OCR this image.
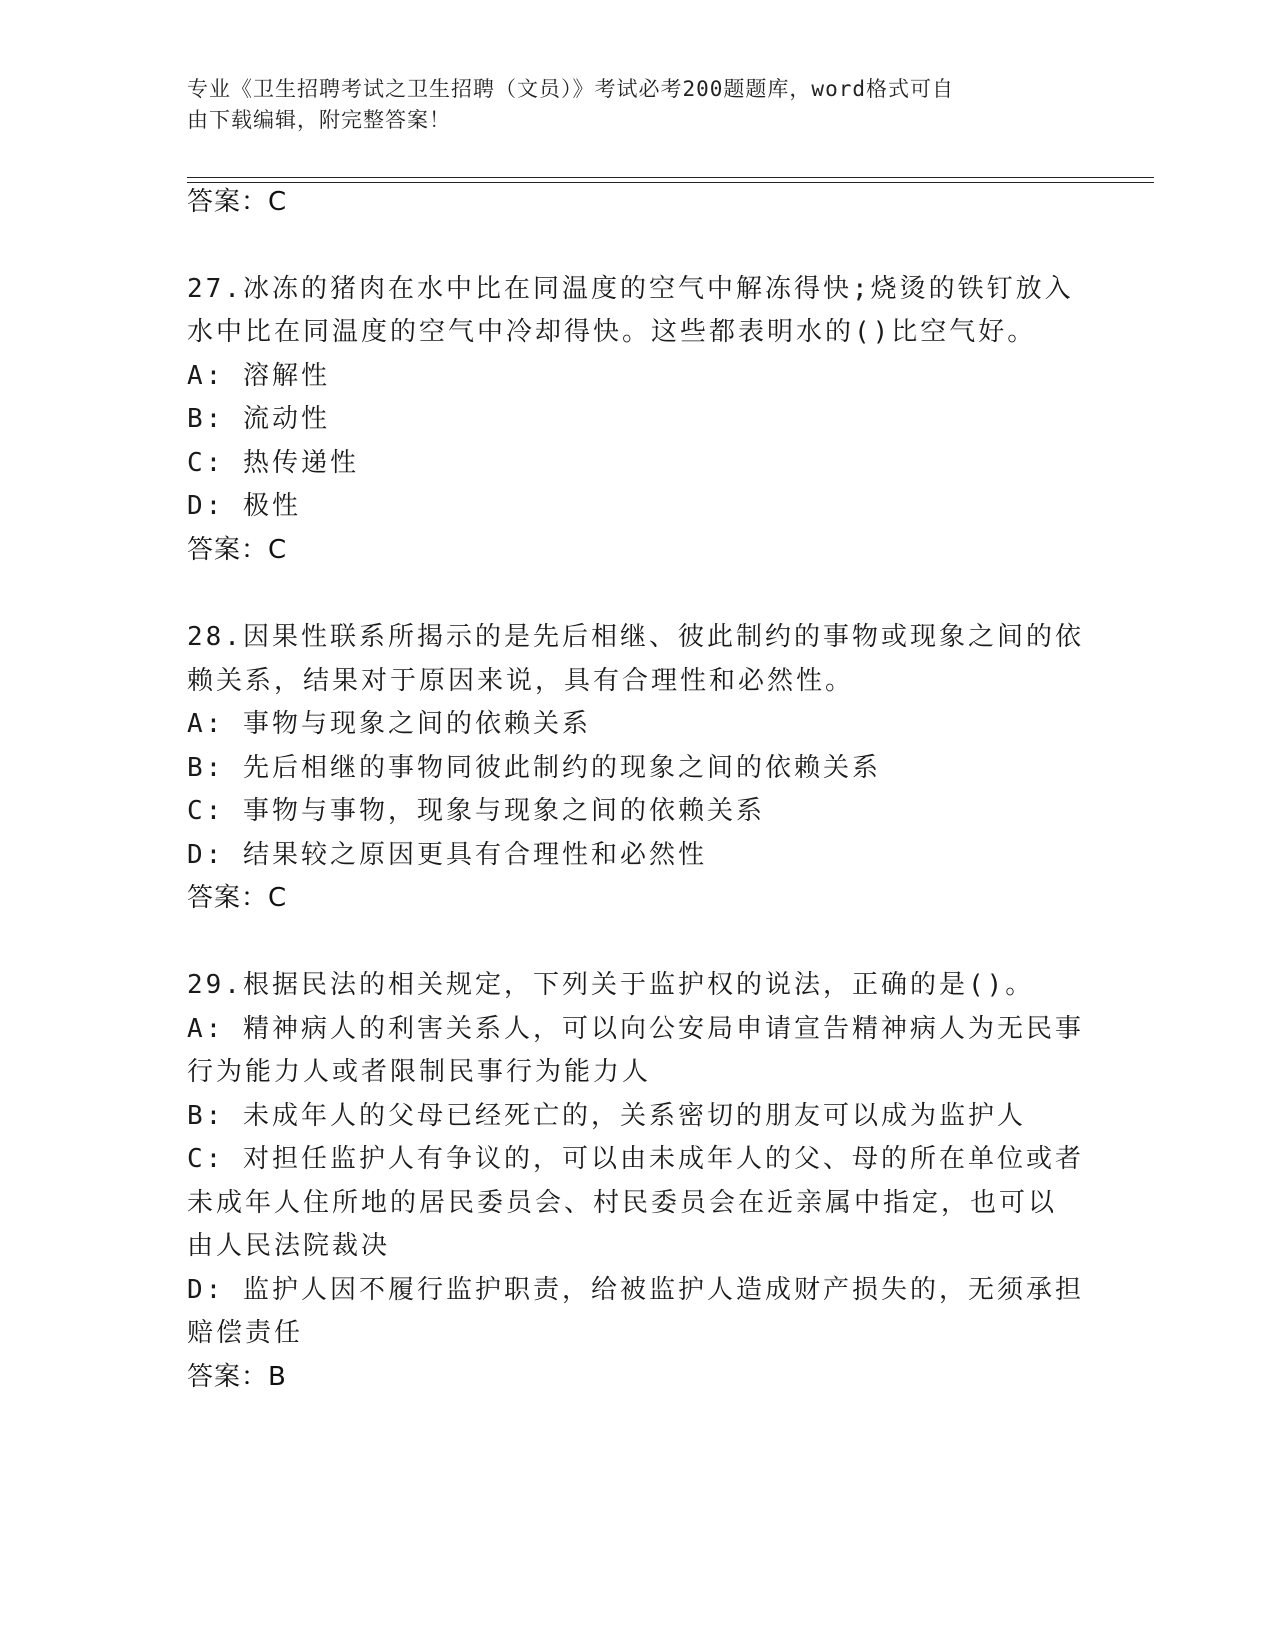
专业《卫生招聘考试之卫生招聘（文员）》考试必考200题题库，word格式可自
由下载编辑，附完整答案！
答案：C
27.冰冻的猪肉在水中比在同温度的空气中解冻得快;烧烫的铁钉放入
水中比在同温度的空气中冷却得快。这些都表明水的()比空气好。
A: 溶解性
B: 流动性
C: 热传递性
D: 极性
答案：C
28.因果性联系所揭示的是先后相继、彼此制约的事物或现象之间的依
赖关系，结果对于原因来说，具有合理性和必然性。
A: 事物与现象之间的依赖关系
B: 先后相继的事物同彼此制约的现象之间的依赖关系
C: 事物与事物，现象与现象之间的依赖关系
D: 结果较之原因更具有合理性和必然性
答案：C
29.根据民法的相关规定，下列关于监护权的说法，正确的是()。
A: 精神病人的利害关系人，可以向公安局申请宣告精神病人为无民事
行为能力人或者限制民事行为能力人
B: 未成年人的父母已经死亡的，关系密切的朋友可以成为监护人
C: 对担任监护人有争议的，可以由未成年人的父、母的所在单位或者
未成年人住所地的居民委员会、村民委员会在近亲属中指定，也可以
由人民法院裁决
D: 监护人因不履行监护职责，给被监护人造成财产损失的，无须承担
赔偿责任
答案：B
